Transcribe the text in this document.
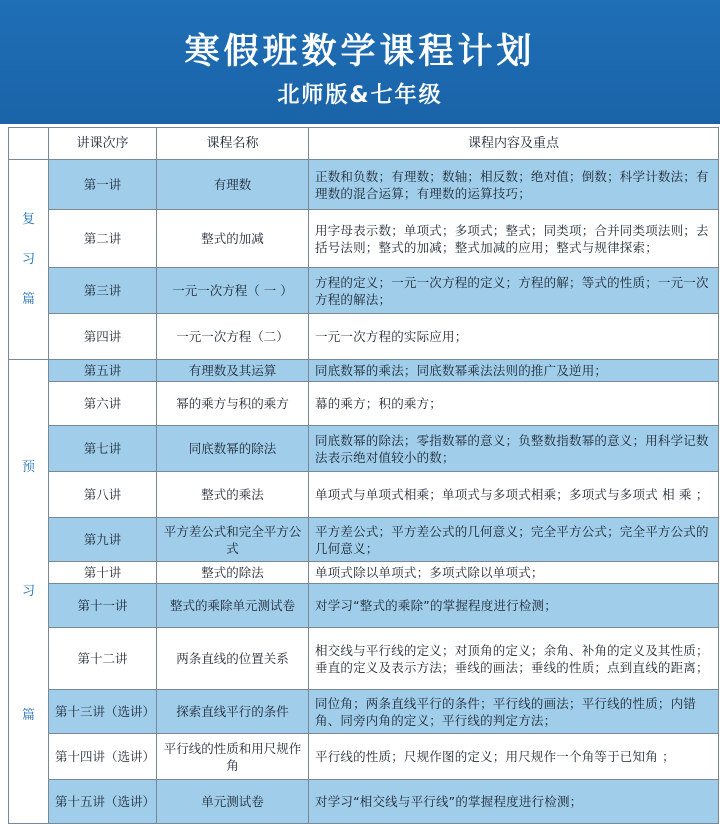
寒假班数学课程计划
北师版&七年级
	讲课次序	课程名称	课程内容及重点

复
习
篇	第一讲	有理数	正数和负数；有理数；数轴；相反数；绝对值；倒数；科学计数法；有理数的混合运算；有理数的运算技巧；
	第二讲	整式的加减	用字母表示数；单项式；多项式；整式；同类项；合并同类项法则；去括号法则；整式的加减；整式加减的应用；整式与规律探索；
	第三讲	一元一次方程（ 一 ）	方程的定义；一元一次方程的定义；方程的解；等式的性质；一元一次方程的解法；
	第四讲	一元一次方程（二）	一元一次方程的实际应用；

预
习
篇	第五讲	有理数及其运算	同底数幂的乘法；同底数幂乘法法则的推广及逆用；
	第六讲	幂的乘方与积的乘方	幕的乘方；积的乘方；
	第七讲	同底数幂的除法	同底数幂的除法；零指数幂的意义；负整数指数幂的意义；用科学记数法表示绝对值较小的数；
	第八讲	整式的乘法	单项式与单项式相乘；单项式与多项式相乘；多项式与多项式 相 乘 ；
	第九讲	平方差公式和完全平方公式	平方差公式；平方差公式的几何意义；完全平方公式；完全平方公式的几何意义；
	第十讲	整式的除法	单项式除以单项式；多项式除以单项式；
	第十一讲	整式的乘除单元测试卷	对学习“整式的乘除”的掌握程度进行检测；
	第十二讲	两条直线的位置关系	相交线与平行线的定义；对顶角的定义；余角、补角的定义及其性质；垂直的定义及表示方法；垂线的画法；垂线的性质；点到直线的距离；
	第十三讲（选讲）	探索直线平行的条件	同位角；两条直线平行的条件；平行线的画法；平行线的性质；内错角、同旁内角的定义；平行线的判定方法；
	第十四讲（选讲）	平行线的性质和用尺规作角	平行线的性质；尺规作图的定义；用尺规作一个角等于已知角 ；
	第十五讲（选讲）	单元测试卷	对学习“相交线与平行线”的掌握程度进行检测；
